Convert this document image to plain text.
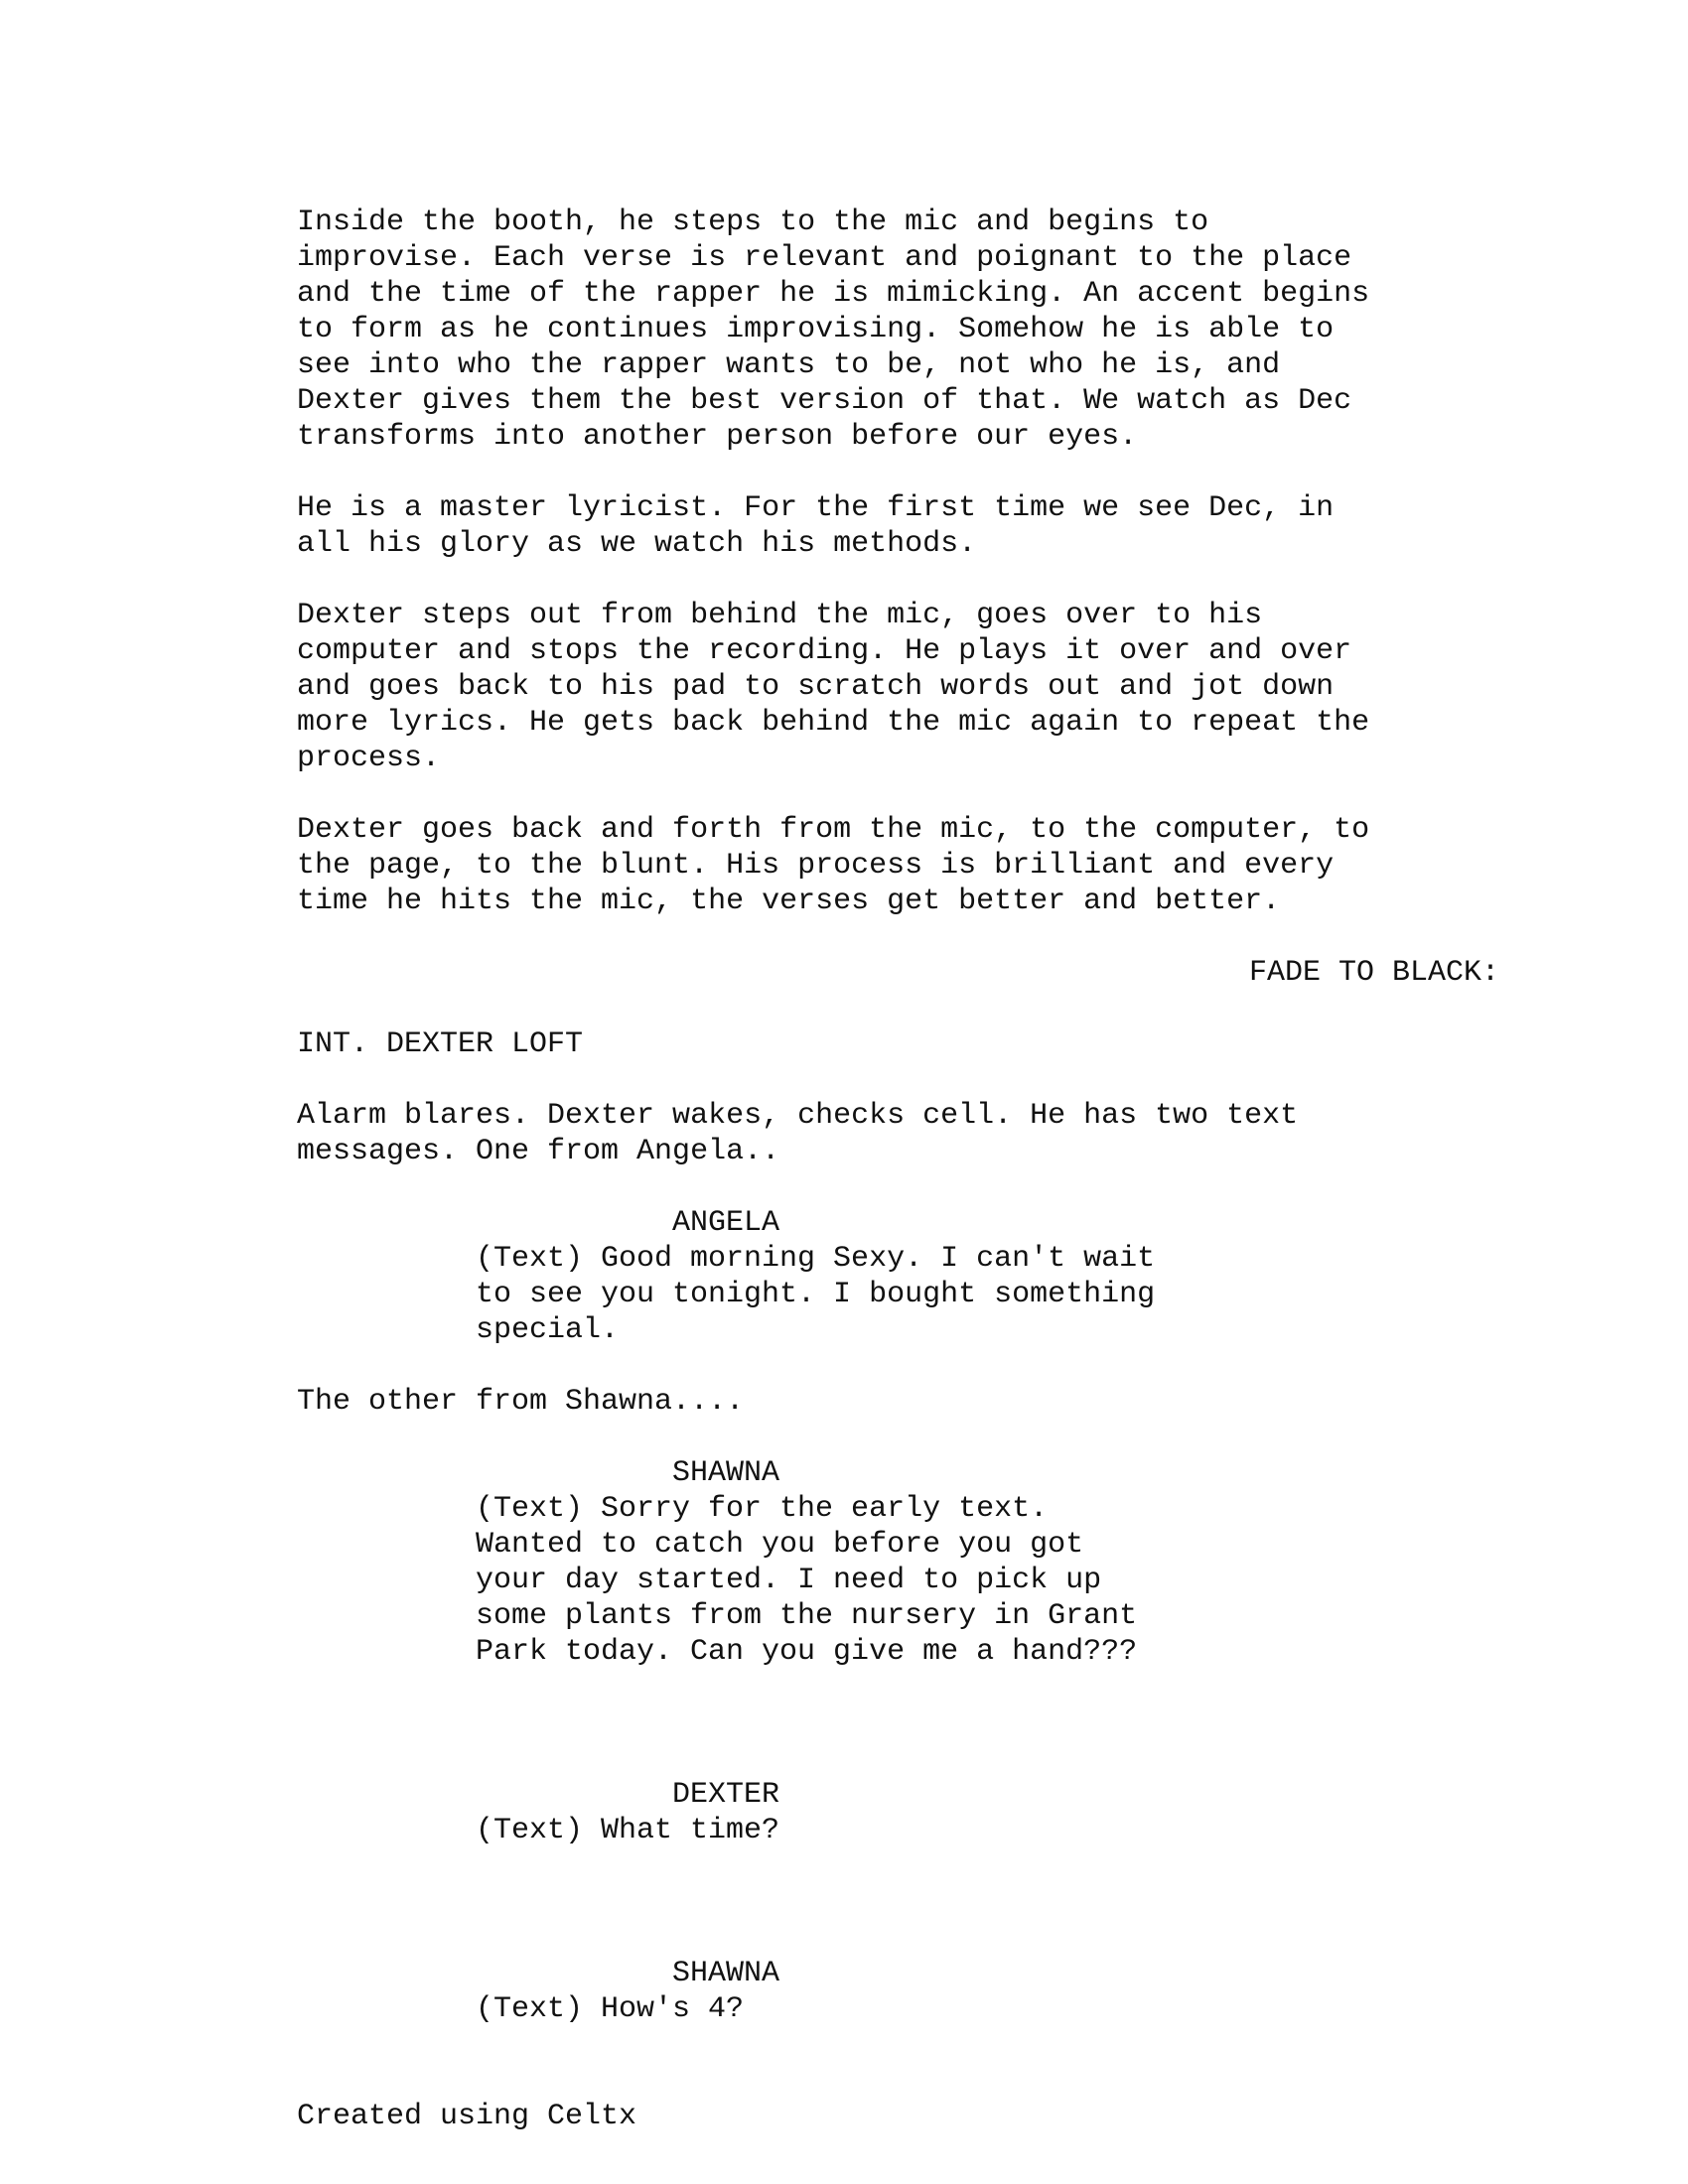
Inside the booth, he steps to the mic and begins to
improvise. Each verse is relevant and poignant to the place
and the time of the rapper he is mimicking. An accent begins
to form as he continues improvising. Somehow he is able to
see into who the rapper wants to be, not who he is, and
Dexter gives them the best version of that. We watch as Dec
transforms into another person before our eyes.

He is a master lyricist. For the first time we see Dec, in
all his glory as we watch his methods.

Dexter steps out from behind the mic, goes over to his
computer and stops the recording. He plays it over and over
and goes back to his pad to scratch words out and jot down
more lyrics. He gets back behind the mic again to repeat the
process.

Dexter goes back and forth from the mic, to the computer, to
the page, to the blunt. His process is brilliant and every
time he hits the mic, the verses get better and better.

FADE TO BLACK:

INT. DEXTER LOFT

Alarm blares. Dexter wakes, checks cell. He has two text
messages. One from Angela..

ANGELA

(Text) Good morning Sexy. I can't wait
to see you tonight. I bought something
special.

The other from Shawna....

SHAWNA

(Text) Sorry for the early text.
Wanted to catch you before you got
your day started. I need to pick up
some plants from the nursery in Grant
Park today. Can you give me a hand???

DEXTER

(Text) What time?

SHAWNA

(Text) How's 4?

Created using Celtx
